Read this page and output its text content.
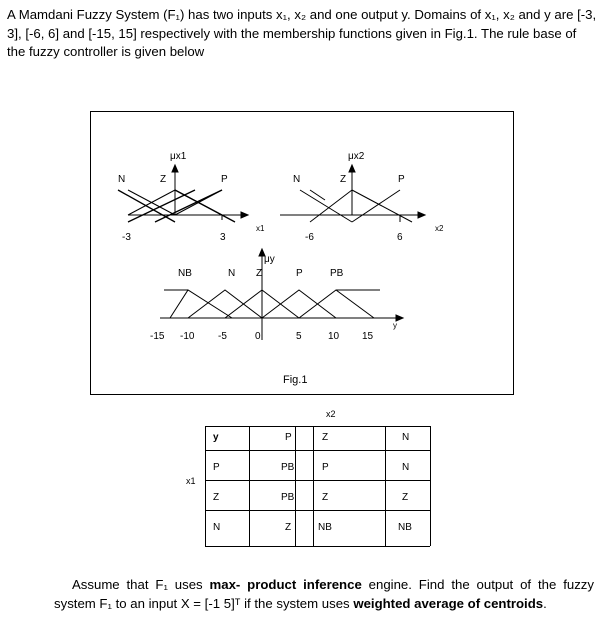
A Mamdani Fuzzy System (F₁) has two inputs x₁, x₂ and one output y. Domains of x₁, x₂ and y are [-3, 3], [-6, 6] and [-15, 15] respectively with the membership functions given in Fig.1. The rule base of the fuzzy controller is given below
μx1
N	Z	P
-3	3
x1
μx2
N	Z	P
-6	6
x2
μy
NB	N Z	P	PB
y
-15 -10 -5	0	5	10 15
Fig.1
x2
x1
y	P	Z	N
P	PB	P	N
Z	PB	Z	Z
N	Z	NB	NB
Assume that F₁ uses max- product inference engine. Find the output of the fuzzy system F₁ to an input X = [-1 5]ᵀ if the system uses weighted average of centroids.
